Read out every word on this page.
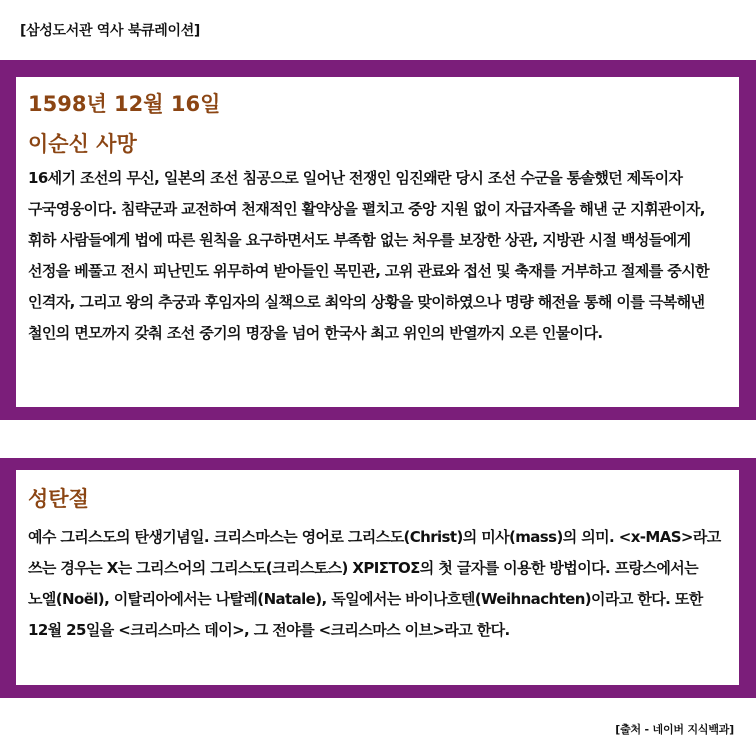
[삼성도서관 역사 북큐레이션]
1598년 12월 16일
이순신 사망

16세기 조선의 무신, 일본의 조선 침공으로 일어난 전쟁인 임진왜란 당시 조선 수군을 통솔했던 제독이자 구국영웅이다. 침략군과 교전하여 천재적인 활약상을 펼치고 중앙 지원 없이 자급자족을 해낸 군 지휘관이자, 휘하 사람들에게 법에 따른 원칙을 요구하면서도 부족함 없는 처우를 보장한 상관, 지방관 시절 백성들에게 선정을 베풀고 전시 피난민도 위무하여 받아들인 목민관, 고위 관료와 접선 및 축재를 거부하고 절제를 중시한 인격자, 그리고 왕의 추궁과 후임자의 실책으로 최악의 상황을 맞이하였으나 명량 해전을 통해 이를 극복해낸 철인의 면모까지 갖춰 조선 중기의 명장을 넘어 한국사 최고 위인의 반열까지 오른 인물이다.

성탄절

예수 그리스도의 탄생기념일. 크리스마스는 영어로 그리스도(Christ)의 미사(mass)의 의미. <x-MAS>라고 쓰는 경우는 X는 그리스어의 그리스도(크리스토스) XPIΣTOΣ의 첫 글자를 이용한 방법이다. 프랑스에서는 노엘(Noël), 이탈리아에서는 나탈레(Natale), 독일에서는 바이나흐텐(Weihnachten)이라고 한다. 또한 12월 25일을 <크리스마스 데이>, 그 전야를 <크리스마스 이브>라고 한다.

[출처 - 네이버 지식백과]
